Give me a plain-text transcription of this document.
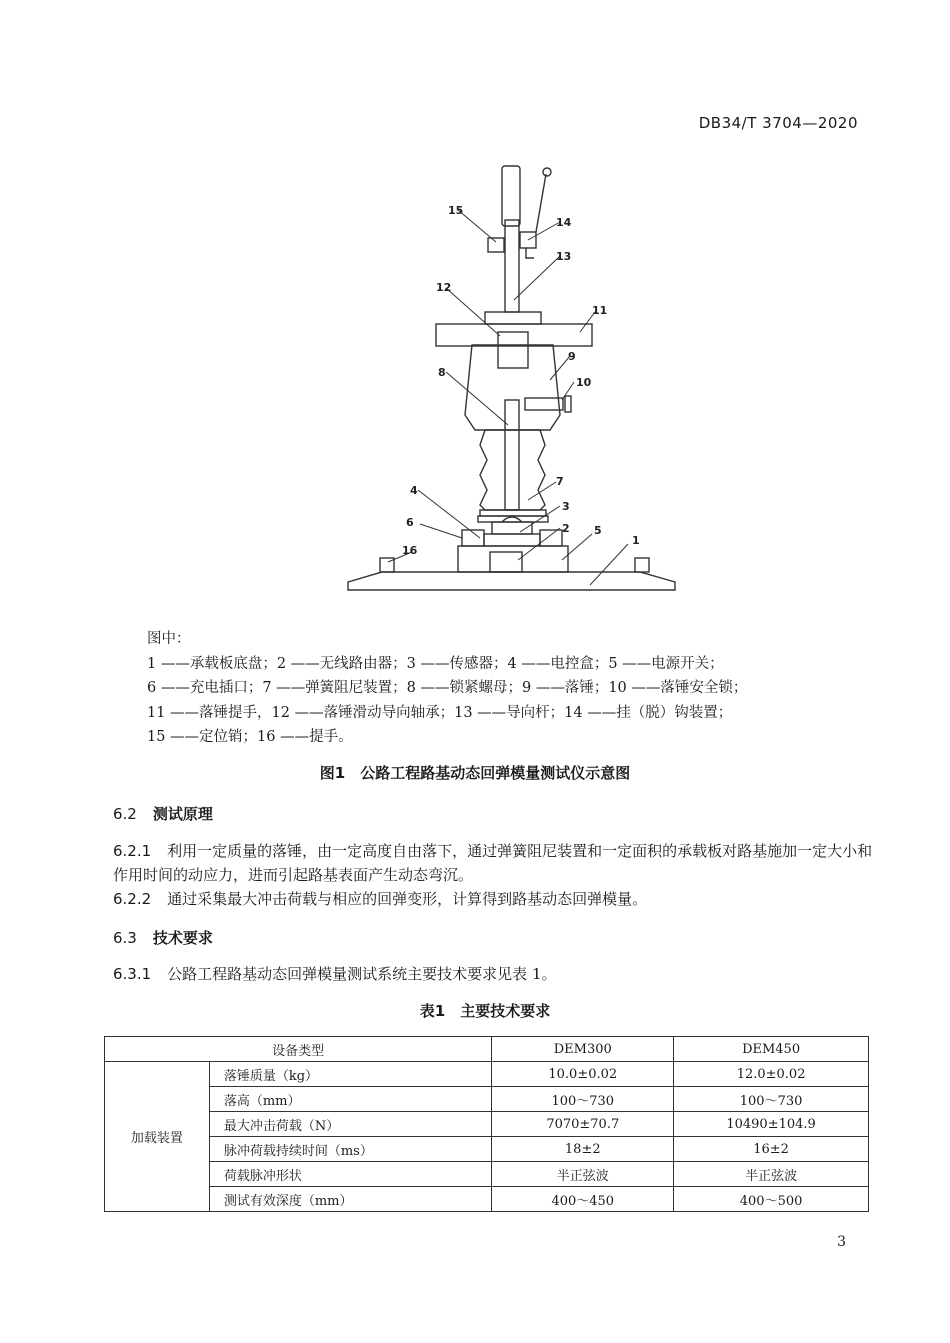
DB34/T 3704—2020
1
2
3
4
5
6
7
8
9
10
11
12
13
14
15
16
图中：
1 ——承载板底盘；2 ——无线路由器；3 ——传感器；4 ——电控盒；5 ——电源开关；
6 ——充电插口；7 ——弹簧阻尼装置；8 ——锁紧螺母；9 ——落锤；10 ——落锤安全锁；
11 ——落锤提手，12 ——落锤滑动导向轴承；13 ——导向杆；14 ——挂（脱）钩装置；
15 ——定位销；16 ——提手。
图1　公路工程路基动态回弹模量测试仪示意图
6.2 测试原理
6.2.1 利用一定质量的落锤，由一定高度自由落下，通过弹簧阻尼装置和一定面积的承载板对路基施加一定大小和作用时间的动应力，进而引起路基表面产生动态弯沉。
6.2.2 通过采集最大冲击荷载与相应的回弹变形，计算得到路基动态回弹模量。
6.3 技术要求
6.3.1 公路工程路基动态回弹模量测试系统主要技术要求见表 1。
表1　主要技术要求
设备类型		DEM300	DEM450
加载装置	落锤质量（kg）	10.0±0.02	12.0±0.02
	落高（mm）	100～730	100～730
	最大冲击荷载（N）	7070±70.7	10490±104.9
	脉冲荷载持续时间（ms）	18±2	16±2
	荷载脉冲形状	半正弦波	半正弦波
	测试有效深度（mm）	400～450	400～500
3
